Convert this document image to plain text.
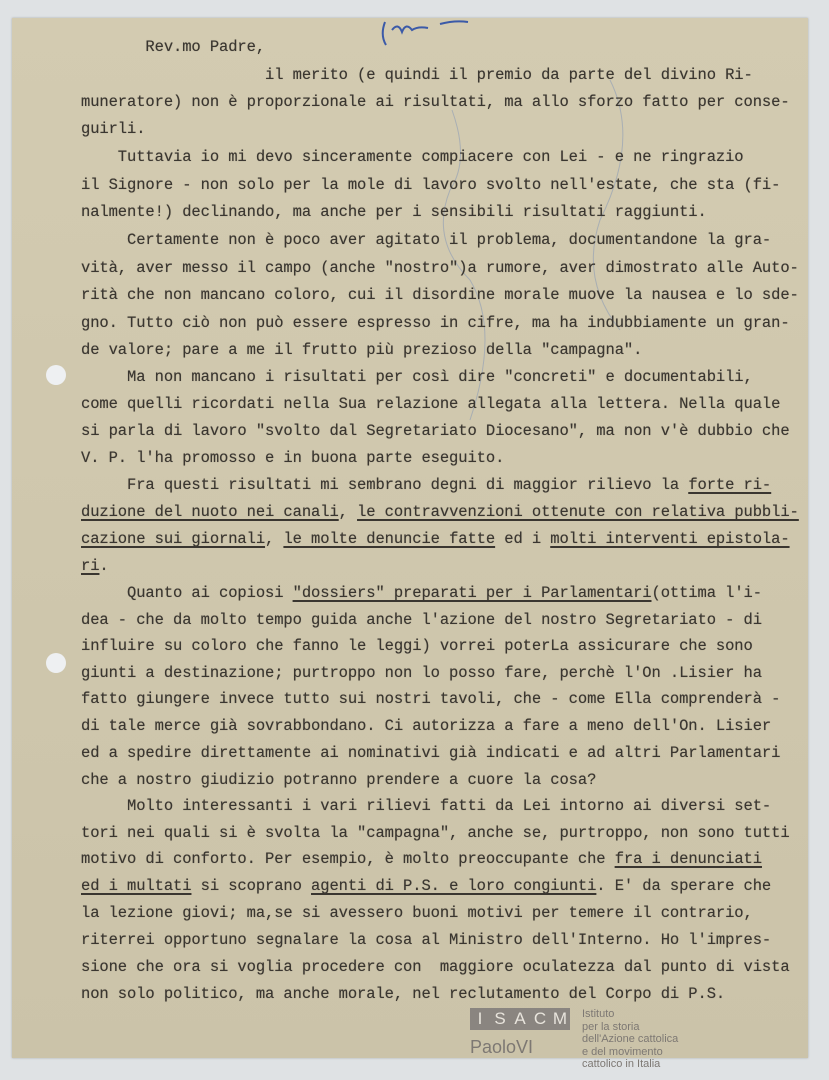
Rev.mo Padre,
il merito (e quindi il premio da parte del divino Ri-
muneratore) non è proporzionale ai risultati, ma allo sforzo fatto per conse-
guirli.
Tuttavia io mi devo sinceramente compiacere con Lei - e ne ringrazio
il Signore - non solo per la mole di lavoro svolto nell'estate, che sta (fi-
nalmente!) declinando, ma anche per i sensibili risultati raggiunti.
Certamente non è poco aver agitato il problema, documentandone la gra-
vità, aver messo il campo (anche "nostro")a rumore, aver dimostrato alle Auto-
rità che non mancano coloro, cui il disordine morale muove la nausea e lo sde-
gno. Tutto ciò non può essere espresso in cifre, ma ha indubbiamente un gran-
de valore; pare a me il frutto più prezioso della "campagna".
Ma non mancano i risultati per così dire "concreti" e documentabili,
come quelli ricordati nella Sua relazione allegata alla lettera. Nella quale
si parla di lavoro "svolto dal Segretariato Diocesano", ma non v'è dubbio che
V. P. l'ha promosso e in buona parte eseguito.
Fra questi risultati mi sembrano degni di maggior rilievo la forte ri-
duzione del nuoto nei canali, le contravvenzioni ottenute con relativa pubbli-
cazione sui giornali, le molte denuncie fatte ed i molti interventi epistola-
ri.
Quanto ai copiosi "dossiers" preparati per i Parlamentari(ottima l'i-
dea - che da molto tempo guida anche l'azione del nostro Segretariato - di
influire su coloro che fanno le leggi) vorrei poterLa assicurare che sono
giunti a destinazione; purtroppo non lo posso fare, perchè l'On .Lisier ha
fatto giungere invece tutto sui nostri tavoli, che - come Ella comprenderà -
di tale merce già sovrabbondano. Ci autorizza a fare a meno dell'On. Lisier
ed a spedire direttamente ai nominativi già indicati e ad altri Parlamentari
che a nostro giudizio potranno prendere a cuore la cosa?
Molto interessanti i vari rilievi fatti da Lei intorno ai diversi set-
tori nei quali si è svolta la "campagna", anche se, purtroppo, non sono tutti
motivo di conforto. Per esempio, è molto preoccupante che fra i denunciati
ed i multati si scoprano agenti di P.S. e loro congiunti. E' da sperare che
la lezione giovi; ma,se si avessero buoni motivi per temere il contrario,
riterrei opportuno segnalare la cosa al Ministro dell'Interno. Ho l'impres-
sione che ora si voglia procedere con  maggiore oculatezza dal punto di vista
non solo politico, ma anche morale, nel reclutamento del Corpo di P.S.
I S A C M Istituto
per la storia
dell'Azione cattolica
e del movimento
cattolico in Italia
PaoloVI
